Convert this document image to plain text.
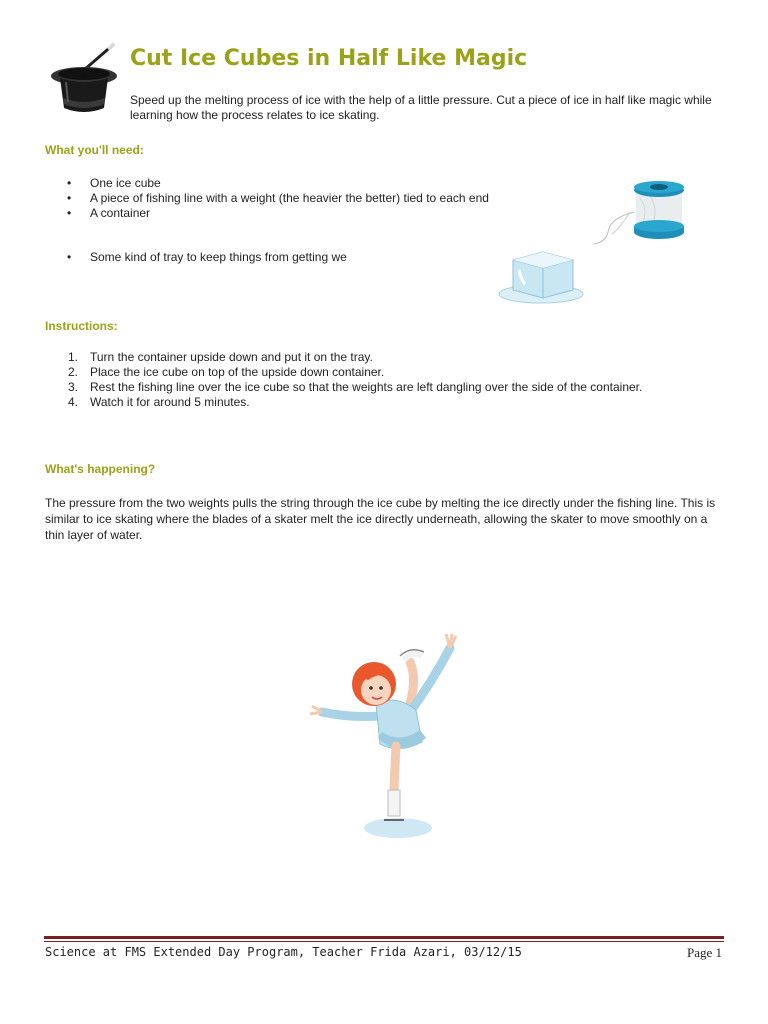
Cut Ice Cubes in Half Like Magic
Speed up the melting process of ice with the help of a little pressure. Cut a piece of ice in half like magic while learning how the process relates to ice skating.
What you'll need:
• One ice cube
• A piece of fishing line with a weight (the heavier the better) tied to each end
• A container
• Some kind of tray to keep things from getting we
Instructions:
1. Turn the container upside down and put it on the tray.
2. Place the ice cube on top of the upside down container.
3. Rest the fishing line over the ice cube so that the weights are left dangling over the side of the container.
4. Watch it for around 5 minutes.
What's happening?
The pressure from the two weights pulls the string through the ice cube by melting the ice directly under the fishing line. This is similar to ice skating where the blades of a skater melt the ice directly underneath, allowing the skater to move smoothly on a thin layer of water.
Science at FMS Extended Day Program, Teacher Frida Azari, 03/12/15	Page 1
